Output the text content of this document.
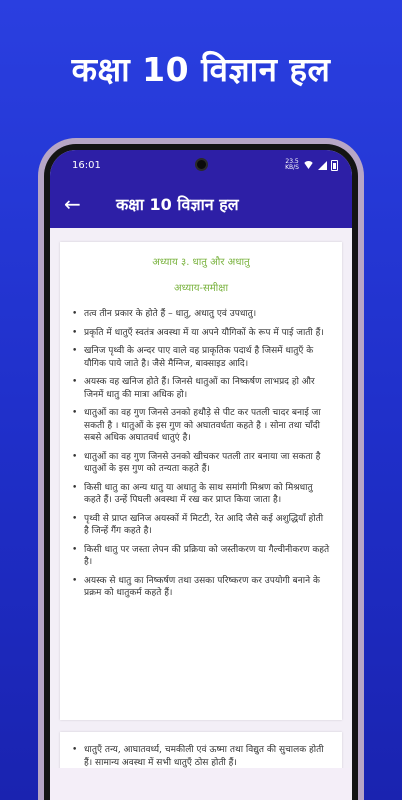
कक्षा 10 विज्ञान हल
16:01	23.5
KB/S
←	कक्षा 10 विज्ञान हल
अध्याय ३. धातु और अधातु
अध्याय-समीक्षा
• तत्व तीन प्रकार के होते हैं – धातु, अधातु एवं उपधातु।
• प्रकृति में धातुएँ स्वतंत्र अवस्था में या अपने यौगिकों के रूप में पाई जाती हैं।
• खनिज पृथ्वी के अन्दर पाए वाले वह प्राकृतिक पदार्थ है जिसमें धातुएँ के यौगिक पाये जाते है। जैसे मैग्निज, बाक्साइड आदि।
• अयस्क वह खनिज होते हैं। जिनसे धातुओं का निष्कर्षण लाभप्रद हो और जिनमें धातु की मात्रा अधिक हो।
• धातुओं का वह गुण जिनसे उनको हथौड़े से पीट कर पतली चादर बनाई जा सकती है । धातुओं के इस गुण को अघातवर्धता कहते है । सोना तथा चाँदी सबसे अधिक अघातवर्ध धातुएं है।
• धातुओं का वह गुण जिनसे उनको खीचकर पतली तार बनाया जा सकता है धातुओं के इस गुण को तन्यता कहते हैं।
• किसी धातु का अन्य धातु या अधातु के साथ समांगी मिश्रण को मिश्रधातु कहते हैं। उन्हें पिघली अवस्था में रख कर प्राप्त किया जाता है।
• पृथ्वी से प्राप्त खनिज अयस्कों में मिटटी, रेत आदि जैसे कई अशुद्धियाँ होती है जिन्हें गैंग कहते है।
• किसी धातु पर जस्ता लेपन की प्रक्रिया को जस्तीकरण या गैल्वीनीकरण कहते है।
• अयस्क से धातु का निष्कर्षण तथा उसका परिष्करण कर उपयोगी बनाने के प्रक्रम को धातुकर्म कहते हैं।
• धातुएँ तन्य, आघातवर्ध्य, चमकीली एवं ऊष्मा तथा विद्युत की सुचालक होती हैं। सामान्य अवस्था में सभी धातुएँ ठोस होती हैं।
